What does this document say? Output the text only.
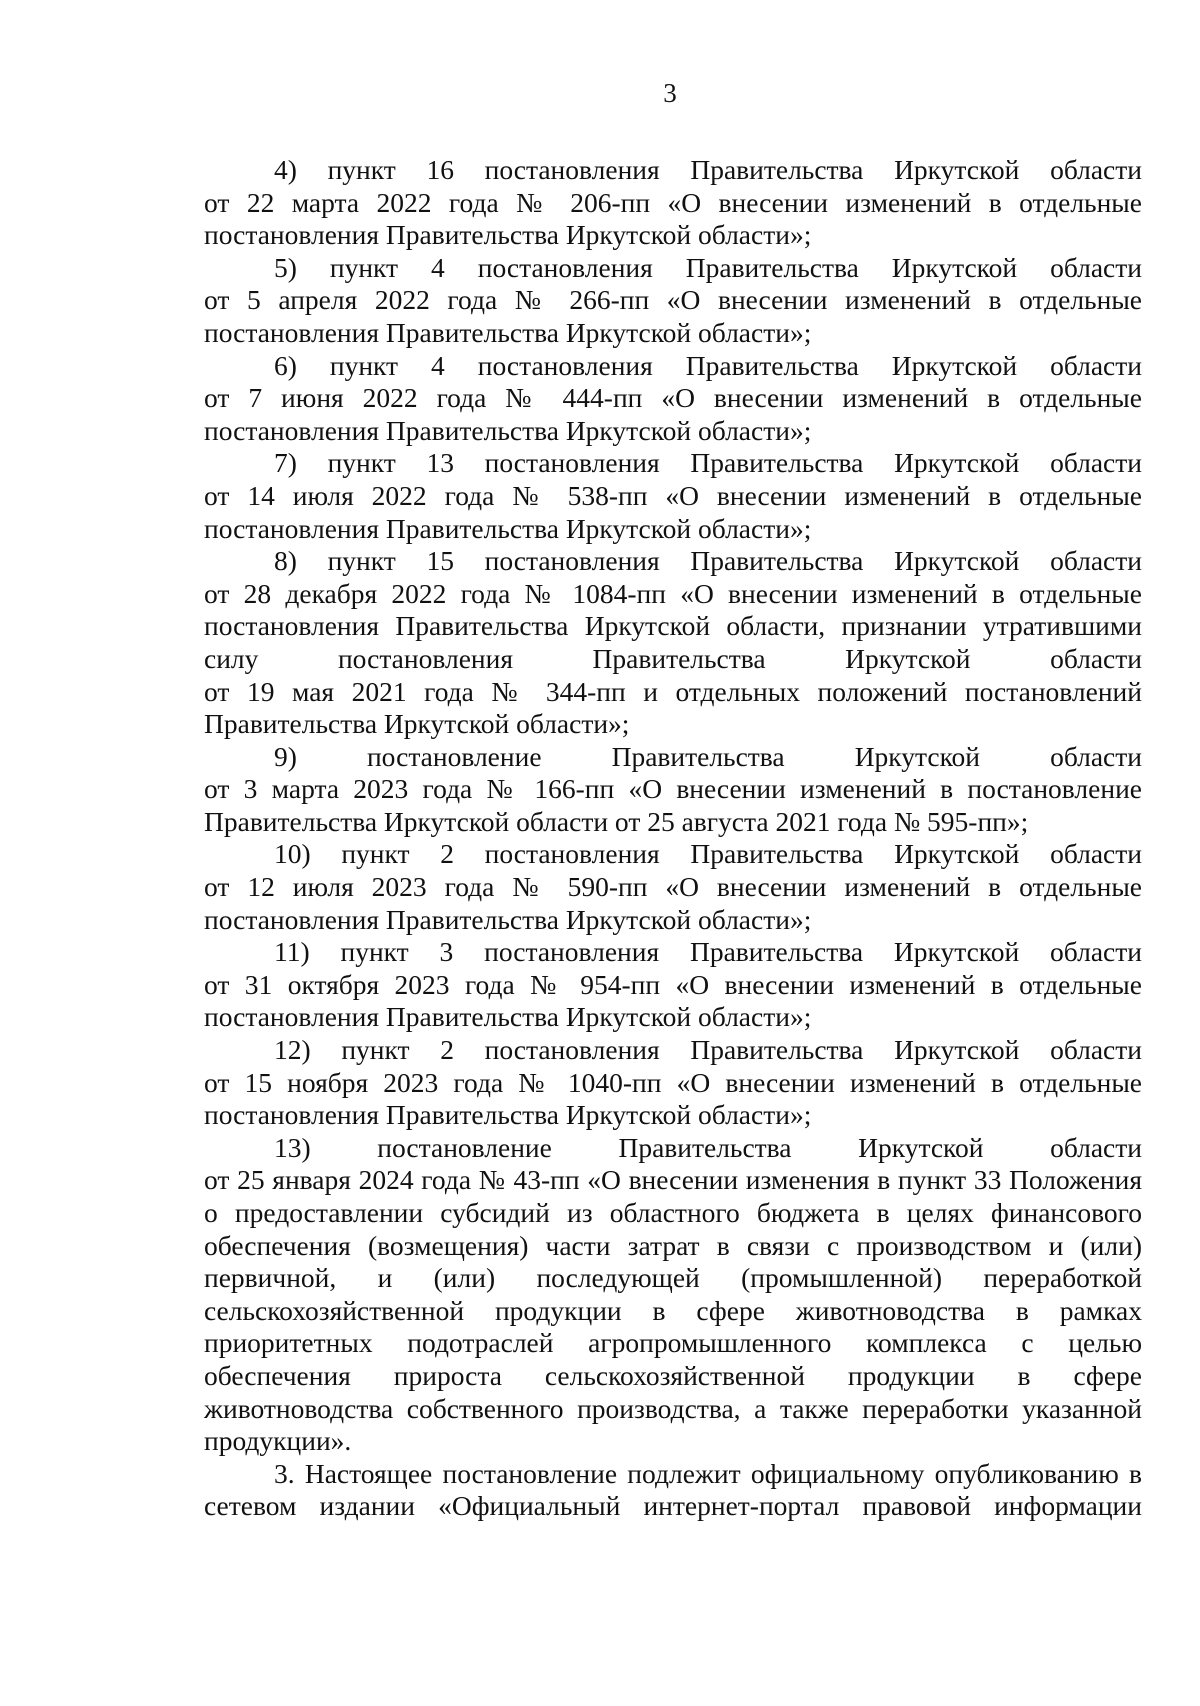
3

4) пункт 16 постановления Правительства Иркутской области
от 22 марта 2022 года № 206-пп «О внесении изменений в отдельные
постановления Правительства Иркутской области»;

5) пункт 4 постановления Правительства Иркутской области
от 5 апреля 2022 года № 266-пп «О внесении изменений в отдельные
постановления Правительства Иркутской области»;

6) пункт 4 постановления Правительства Иркутской области
от 7 июня 2022 года № 444-пп «О внесении изменений в отдельные
постановления Правительства Иркутской области»;

7) пункт 13 постановления Правительства Иркутской области
от 14 июля 2022 года № 538-пп «О внесении изменений в отдельные
постановления Правительства Иркутской области»;

8) пункт 15 постановления Правительства Иркутской области
от 28 декабря 2022 года № 1084-пп «О внесении изменений в отдельные
постановления Правительства Иркутской области, признании утратившими
силу постановления Правительства Иркутской области
от 19 мая 2021 года № 344-пп и отдельных положений постановлений
Правительства Иркутской области»;

9) постановление Правительства Иркутской области
от 3 марта 2023 года № 166-пп «О внесении изменений в постановление
Правительства Иркутской области от 25 августа 2021 года № 595-пп»;

10) пункт 2 постановления Правительства Иркутской области
от 12 июля 2023 года № 590-пп «О внесении изменений в отдельные
постановления Правительства Иркутской области»;

11) пункт 3 постановления Правительства Иркутской области
от 31 октября 2023 года № 954-пп «О внесении изменений в отдельные
постановления Правительства Иркутской области»;

12) пункт 2 постановления Правительства Иркутской области
от 15 ноября 2023 года № 1040-пп «О внесении изменений в отдельные
постановления Правительства Иркутской области»;

13) постановление Правительства Иркутской области
от 25 января 2024 года № 43-пп «О внесении изменения в пункт 33 Положения
о предоставлении субсидий из областного бюджета в целях финансового
обеспечения (возмещения) части затрат в связи с производством и (или)
первичной, и (или) последующей (промышленной) переработкой
сельскохозяйственной продукции в сфере животноводства в рамках
приоритетных подотраслей агропромышленного комплекса с целью
обеспечения прироста сельскохозяйственной продукции в сфере
животноводства собственного производства, а также переработки указанной
продукции».

3. Настоящее постановление подлежит официальному опубликованию в
сетевом издании «Официальный интернет-портал правовой информации
